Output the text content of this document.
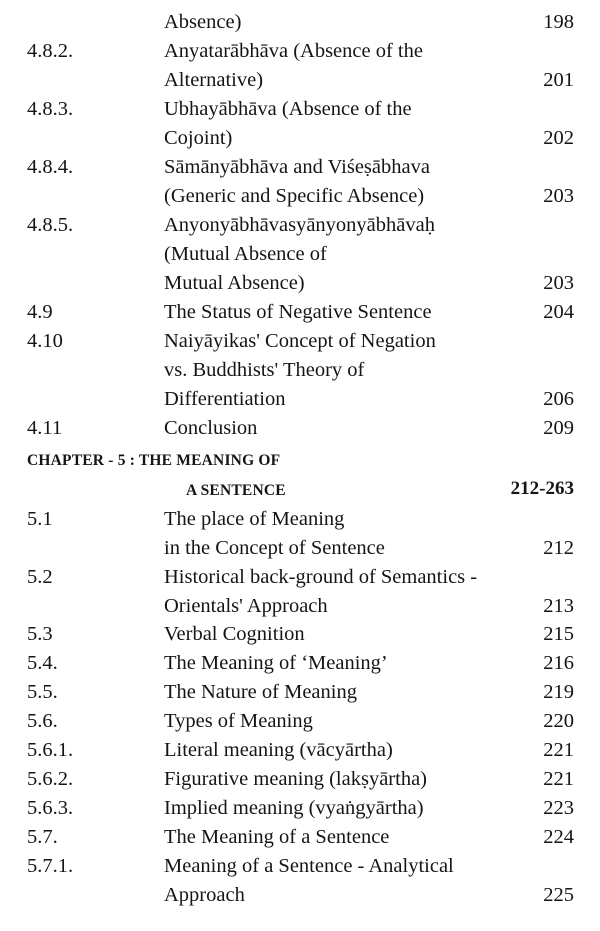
Absence)	198
4.8.2.	Anyatarābhāva (Absence of the
Alternative)	201
4.8.3.	Ubhayābhāva (Absence of the
Cojoint)	202
4.8.4.	Sāmānyābhāva and Viśeṣābhava
(Generic and Specific Absence)	203
4.8.5.	Anyonyābhāvasyānyonyābhāvaḥ
(Mutual Absence of
Mutual Absence)	203
4.9	The Status of Negative Sentence	204
4.10	Naiyāyikas' Concept of Negation
vs. Buddhists' Theory of
Differentiation	206
4.11	Conclusion	209
CHAPTER - 5 : THE MEANING OF
A SENTENCE	212-263
5.1	The place of Meaning
in the Concept of Sentence	212
5.2	Historical back-ground of Semantics -
Orientals' Approach	213
5.3	Verbal Cognition	215
5.4.	The Meaning of ‘Meaning’	216
5.5.	The Nature of Meaning	219
5.6.	Types of Meaning	220
5.6.1.	Literal meaning (vācyārtha)	221
5.6.2.	Figurative meaning (lakṣyārtha)	221
5.6.3.	Implied meaning (vyaṅgyārtha)	223
5.7.	The Meaning of a Sentence	224
5.7.1.	Meaning of a Sentence - Analytical
Approach	225
